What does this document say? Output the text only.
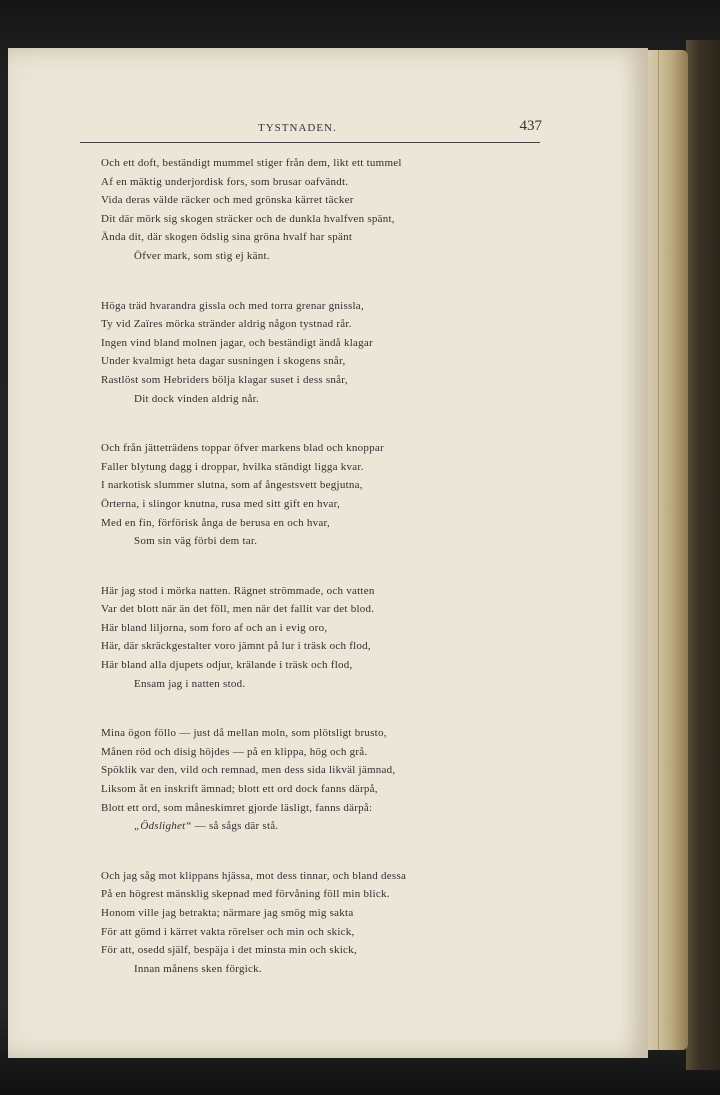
TYSTNADEN.	437
Och ett doft, beständigt mummel stiger från dem, likt ett tummel
Af en mäktig underjordisk fors, som brusar oafvändt.
Vida deras välde räcker och med grönska kärret täcker
Dit där mörk sig skogen sträcker och de dunkla hvalfven spänt,
Ända dit, där skogen ödslig sina gröna hvalf har spänt
Öfver mark, som stig ej känt.
Höga träd hvarandra gissla och med torra grenar gnissla,
Ty vid Zaïres mörka stränder aldrig någon tystnad rår.
Ingen vind bland molnen jagar, och beständigt ändå klagar
Under kvalmigt heta dagar susningen i skogens snår,
Rastlöst som Hebriders bölja klagar suset i dess snår,
Dit dock vinden aldrig når.
Och från jätteträdens toppar öfver markens blad och knoppar
Faller blytung dagg i droppar, hvilka ständigt ligga kvar.
I narkotisk slummer slutna, som af ångestsvett begjutna,
Örterna, i slingor knutna, rusa med sitt gift en hvar,
Med en fin, förförisk ånga de berusa en och hvar,
Som sin väg förbi dem tar.
Här jag stod i mörka natten. Rägnet strömmade, och vatten
Var det blott när än det föll, men när det fallit var det blod.
Här bland liljorna, som foro af och an i evig oro,
Här, där skräckgestalter voro jämnt på lur i träsk och flod,
Här bland alla djupets odjur, krälande i träsk och flod,
Ensam jag i natten stod.
Mina ögon föllo — just då mellan moln, som plötsligt brusto,
Månen röd och disig höjdes — på en klippa, hög och grå.
Spöklik var den, vild och remnad, men dess sida likväl jämnad,
Liksom åt en inskrift ämnad; blott ett ord dock fanns därpå,
Blott ett ord, som måneskimret gjorde läsligt, fanns därpå:
„Ödslighet“ — så sågs där stå.
Och jag såg mot klippans hjässa, mot dess tinnar, och bland dessa
På en högrest mänsklig skepnad med förvåning föll min blick.
Honom ville jag betrakta; närmare jag smög mig sakta
För att gömd i kärret vakta rörelser och min och skick,
För att, osedd själf, bespäja i det minsta min och skick,
Innan månens sken förgick.
